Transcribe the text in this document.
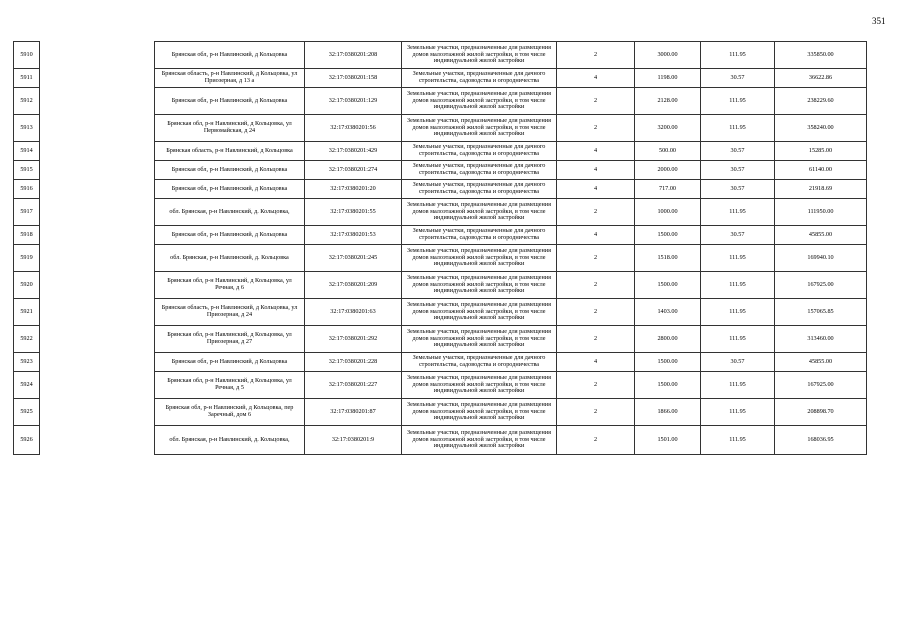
351
5910		Брянская обл, р-н Навлинский, д Кольцовка	32:17:0380201:208	Земельные участки, предназначенные для размещения домов малоэтажной жилой застройки, в том числе индивидуальной жилой застройки	2	3000.00	111.95	335850.00
5911		Брянская область, р-н Навлинский, д Кольцовка, ул Приозерная, д 13 а	32:17:0380201:158	Земельные участки, предназначенные для дачного строительства, садоводства и огородничества	4	1198.00	30.57	36622.86
5912		Брянская обл, р-н Навлинский, д Кольцовка	32:17:0380201:129	Земельные участки, предназначенные для размещения домов малоэтажной жилой застройки, в том числе индивидуальной жилой застройки	2	2128.00	111.95	238229.60
5913		Брянская обл, р-н Навлинский, д Кольцовка, ул Первомайская, д 24	32:17:0380201:56	Земельные участки, предназначенные для размещения домов малоэтажной жилой застройки, в том числе индивидуальной жилой застройки	2	3200.00	111.95	358240.00
5914		Брянская область, р-н Навлинский, д Кольцовка	32:17:0380201:429	Земельные участки, предназначенные для дачного строительства, садоводства и огородничества	4	500.00	30.57	15285.00
5915		Брянская обл, р-н Навлинский, д Кольцовка	32:17:0380201:274	Земельные участки, предназначенные для дачного строительства, садоводства и огородничества	4	2000.00	30.57	61140.00
5916		Брянская обл, р-н Навлинский, д Кольцовка	32:17:0380201:20	Земельные участки, предназначенные для дачного строительства, садоводства и огородничества	4	717.00	30.57	21918.69
5917		обл. Брянская, р-н Навлинский, д. Кольцовка,	32:17:0380201:55	Земельные участки, предназначенные для размещения домов малоэтажной жилой застройки, в том числе индивидуальной жилой застройки	2	1000.00	111.95	111950.00
5918		Брянская обл, р-н Навлинский, д Кольцовка	32:17:0380201:53	Земельные участки, предназначенные для дачного строительства, садоводства и огородничества	4	1500.00	30.57	45855.00
5919		обл. Брянская, р-н Навлинский, д. Кольцовка	32:17:0380201:245	Земельные участки, предназначенные для размещения домов малоэтажной жилой застройки, в том числе индивидуальной жилой застройки	2	1518.00	111.95	169940.10
5920		Брянская обл, р-н Навлинский, д Кольцовка, ул Речная, д 6	32:17:0380201:209	Земельные участки, предназначенные для размещения домов малоэтажной жилой застройки, в том числе индивидуальной жилой застройки	2	1500.00	111.95	167925.00
5921		Брянская область, р-н Навлинский, д Кольцовка, ул Приозерная, д 24	32:17:0380201:63	Земельные участки, предназначенные для размещения домов малоэтажной жилой застройки, в том числе индивидуальной жилой застройки	2	1403.00	111.95	157065.85
5922		Брянская обл, р-н Навлинский, д Кольцовка, ул Приозерная, д 27	32:17:0380201:292	Земельные участки, предназначенные для размещения домов малоэтажной жилой застройки, в том числе индивидуальной жилой застройки	2	2800.00	111.95	313460.00
5923		Брянская обл, р-н Навлинский, д Кольцовка	32:17:0380201:228	Земельные участки, предназначенные для дачного строительства, садоводства и огородничества	4	1500.00	30.57	45855.00
5924		Брянская обл, р-н Навлинский, д Кольцовка, ул Речная, д 5	32:17:0380201:227	Земельные участки, предназначенные для размещения домов малоэтажной жилой застройки, в том числе индивидуальной жилой застройки	2	1500.00	111.95	167925.00
5925		Брянская обл, р-н Навлинский, д Кольцовка, пер Заречный, дом 6	32:17:0380201:87	Земельные участки, предназначенные для размещения домов малоэтажной жилой застройки, в том числе индивидуальной жилой застройки	2	1866.00	111.95	208898.70
5926		обл. Брянская, р-н Навлинский, д. Кольцовка,	32:17:0380201:9	Земельные участки, предназначенные для размещения домов малоэтажной жилой застройки, в том числе индивидуальной жилой застройки	2	1501.00	111.95	168036.95
